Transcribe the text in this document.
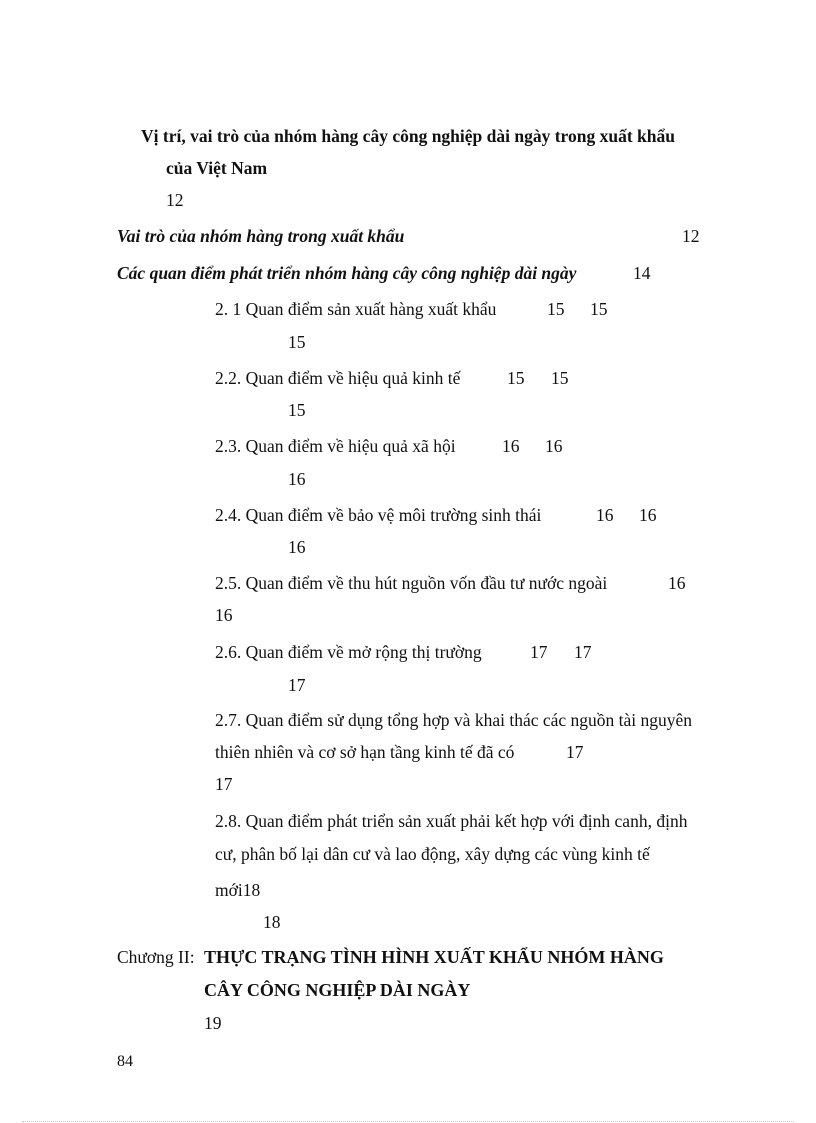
Vị trí, vai trò của nhóm hàng cây công nghiệp dài ngày trong xuất khẩu
của Việt Nam
12
Vai trò của nhóm hàng trong xuất khẩu	12
Các quan điểm phát triển nhóm hàng cây công nghiệp dài ngày	14
2. 1 Quan điểm sản xuất hàng xuất khẩu	15 15
15
2.2. Quan điểm về hiệu quả kinh tế	15 15
15
2.3. Quan điểm về hiệu quả xã hội	16 16
16
2.4. Quan điểm về bảo vệ môi trường sinh thái	16 16
16
2.5. Quan điểm về thu hút nguồn vốn đầu tư nước ngoài	16
16
2.6. Quan điểm về mở rộng thị trường	17 17
17
2.7. Quan điểm sử dụng tổng hợp và khai thác các nguồn tài nguyên
thiên nhiên và cơ sở hạn tầng kinh tế đã có	17
17
2.8. Quan điểm phát triển sản xuất phải kết hợp với định canh, định
cư, phân bố lại dân cư và lao động, xây dựng các vùng kinh tế
mới18
18
Chương II: THỰC TRẠNG TÌNH HÌNH XUẤT KHẨU NHÓM HÀNG
CÂY CÔNG NGHIỆP DÀI NGÀY
19
84
